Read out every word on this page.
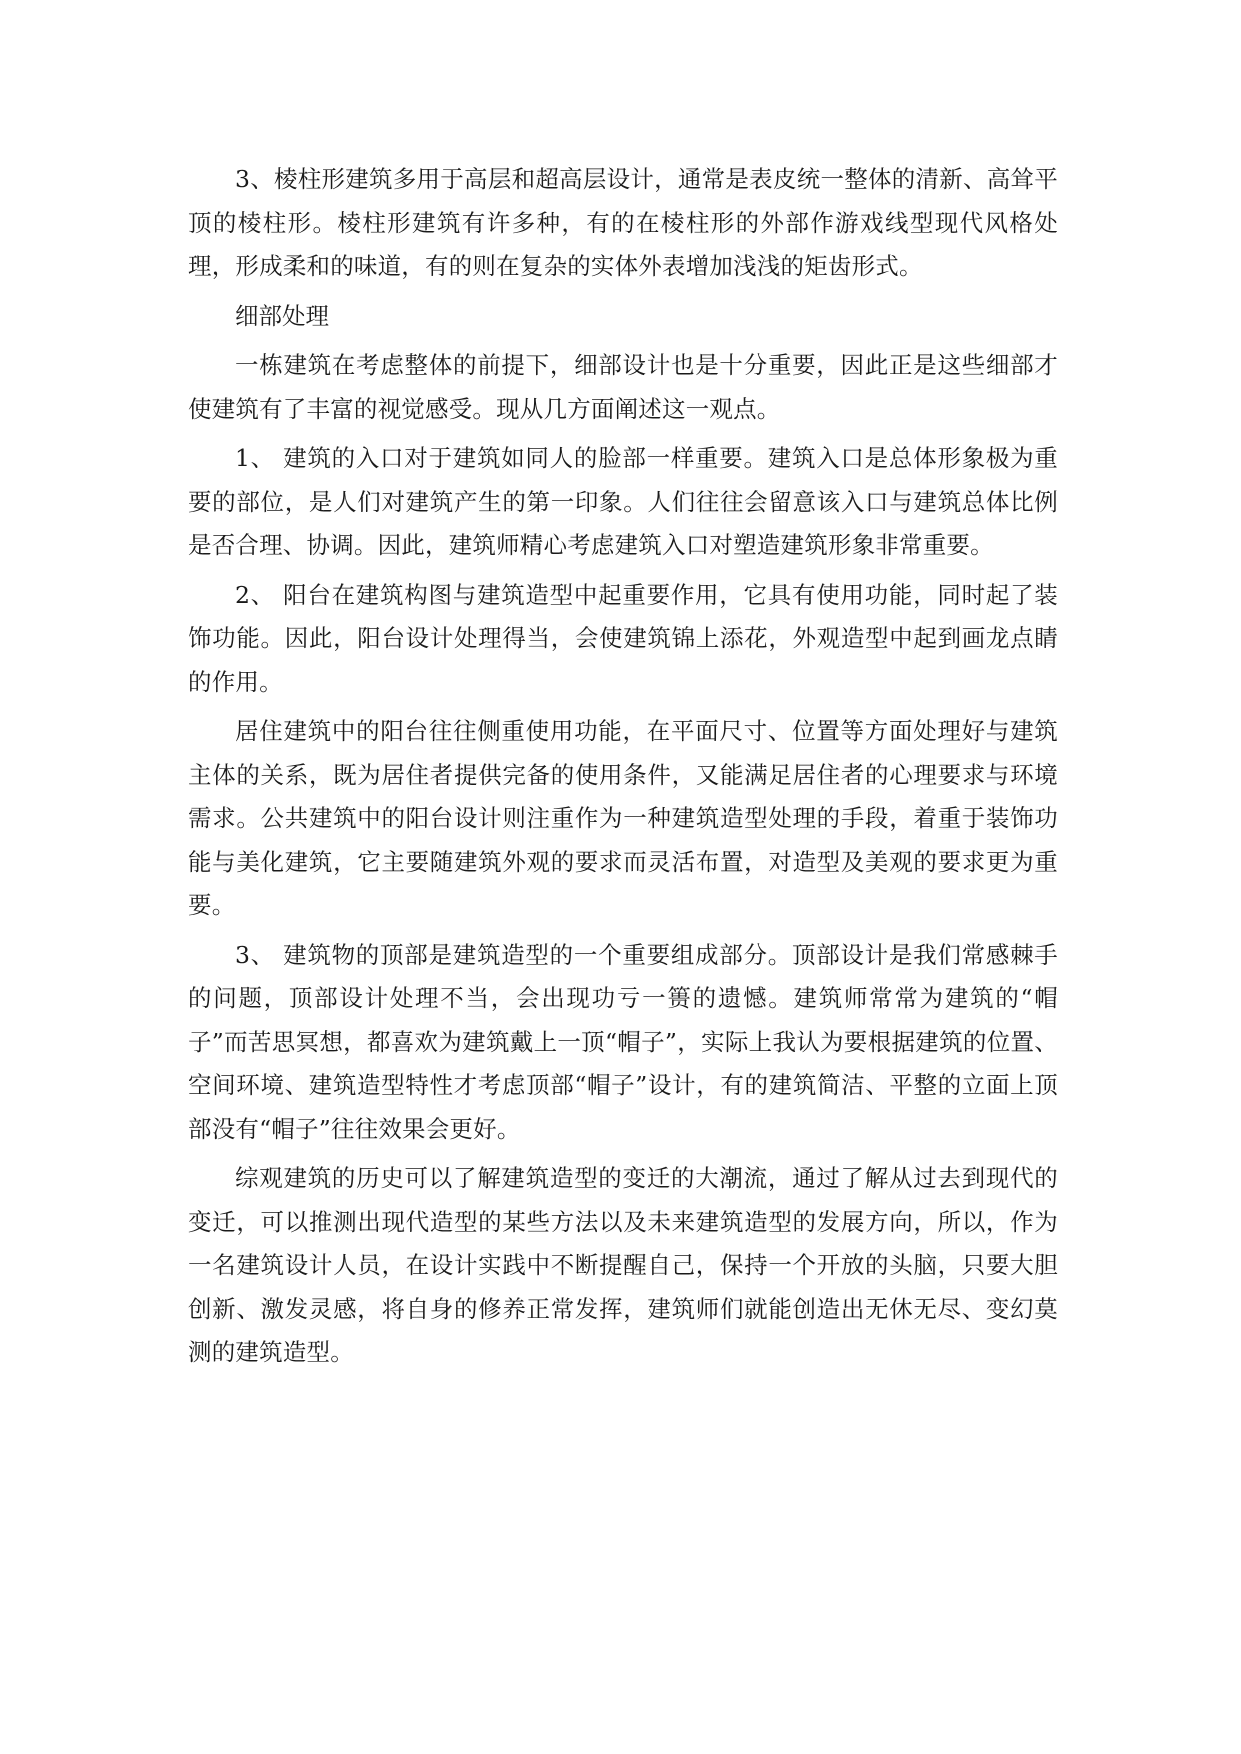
3、棱柱形建筑多用于高层和超高层设计，通常是表皮统一整体的清新、高耸平顶的棱柱形。棱柱形建筑有许多种，有的在棱柱形的外部作游戏线型现代风格处理，形成柔和的味道，有的则在复杂的实体外表增加浅浅的矩齿形式。

细部处理

一栋建筑在考虑整体的前提下，细部设计也是十分重要，因此正是这些细部才使建筑有了丰富的视觉感受。现从几方面阐述这一观点。

1、 建筑的入口对于建筑如同人的脸部一样重要。建筑入口是总体形象极为重要的部位，是人们对建筑产生的第一印象。人们往往会留意该入口与建筑总体比例是否合理、协调。因此，建筑师精心考虑建筑入口对塑造建筑形象非常重要。

2、 阳台在建筑构图与建筑造型中起重要作用，它具有使用功能，同时起了装饰功能。因此，阳台设计处理得当，会使建筑锦上添花，外观造型中起到画龙点睛的作用。

居住建筑中的阳台往往侧重使用功能，在平面尺寸、位置等方面处理好与建筑主体的关系，既为居住者提供完备的使用条件，又能满足居住者的心理要求与环境需求。公共建筑中的阳台设计则注重作为一种建筑造型处理的手段，着重于装饰功能与美化建筑，它主要随建筑外观的要求而灵活布置，对造型及美观的要求更为重要。

3、 建筑物的顶部是建筑造型的一个重要组成部分。顶部设计是我们常感棘手的问题，顶部设计处理不当，会出现功亏一篑的遗憾。建筑师常常为建筑的“帽子”而苦思冥想，都喜欢为建筑戴上一顶“帽子”，实际上我认为要根据建筑的位置、空间环境、建筑造型特性才考虑顶部“帽子”设计，有的建筑简洁、平整的立面上顶部没有“帽子”往往效果会更好。

综观建筑的历史可以了解建筑造型的变迁的大潮流，通过了解从过去到现代的变迁，可以推测出现代造型的某些方法以及未来建筑造型的发展方向，所以，作为一名建筑设计人员，在设计实践中不断提醒自己，保持一个开放的头脑，只要大胆创新、激发灵感，将自身的修养正常发挥，建筑师们就能创造出无休无尽、变幻莫测的建筑造型。
